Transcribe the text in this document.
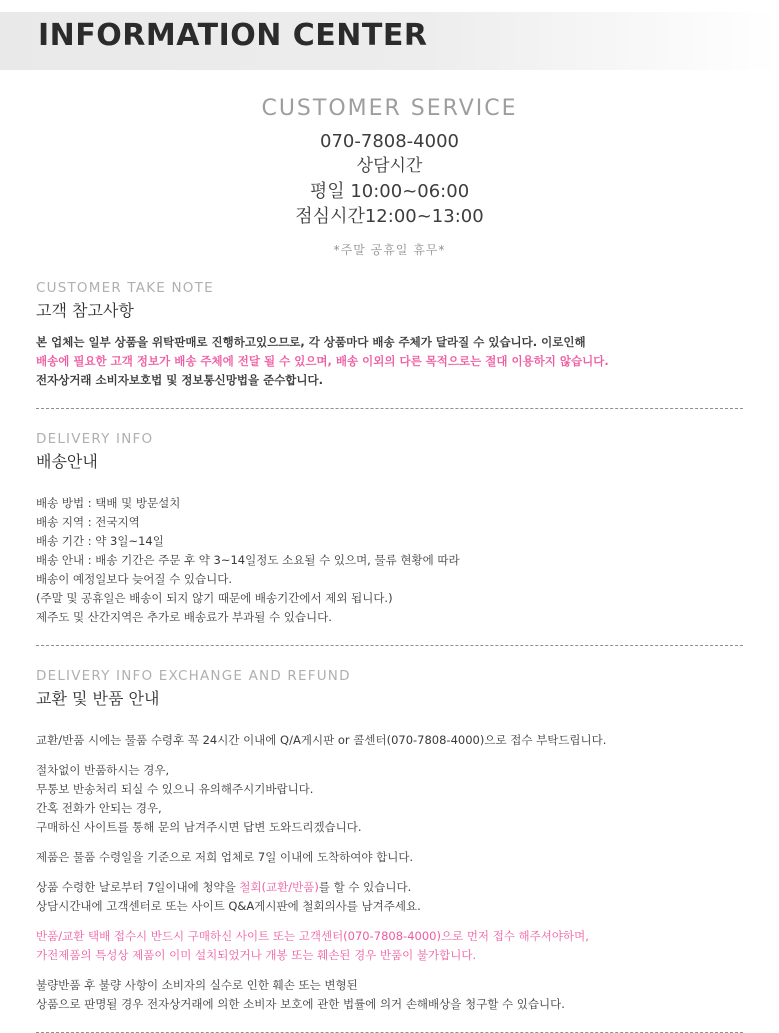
INFORMATION CENTER
CUSTOMER SERVICE
070-7808-4000
상담시간
평일 10:00~06:00
점심시간12:00~13:00
*주말 공휴일 휴무*
CUSTOMER TAKE NOTE
고객 참고사항
본 업체는 일부 상품을 위탁판매로 진행하고있으므로, 각 상품마다 배송 주체가 달라질 수 있습니다. 이로인해
배송에 필요한 고객 정보가 배송 주체에 전달 될 수 있으며, 배송 이외의 다른 목적으로는 절대 이용하지 않습니다.
전자상거래 소비자보호법 및 정보통신망법을 준수합니다.
DELIVERY INFO
배송안내
배송 방법 : 택배 및 방문설치
배송 지역 : 전국지역
배송 기간 : 약 3일~14일
배송 안내 : 배송 기간은 주문 후 약 3~14일정도 소요될 수 있으며, 물류 현황에 따라
배송이 예정일보다 늦어질 수 있습니다.
(주말 및 공휴일은 배송이 되지 않기 때문에 배송기간에서 제외 됩니다.)
제주도 및 산간지역은 추가로 배송료가 부과될 수 있습니다.
DELIVERY INFO EXCHANGE AND REFUND
교환 및 반품 안내
교환/반품 시에는 물품 수령후 꼭 24시간 이내에 Q/A게시판 or 콜센터(070-7808-4000)으로 접수 부탁드립니다.
절차없이 반품하시는 경우,
무통보 반송처리 되실 수 있으니 유의해주시기바랍니다.
간혹 전화가 안되는 경우,
구매하신 사이트를 통해 문의 남겨주시면 답변 도와드리겠습니다.
제품은 물품 수령일을 기준으로 저희 업체로 7일 이내에 도착하여야 합니다.
상품 수령한 날로부터 7일이내에 청약을 철회(교환/반품)를 할 수 있습니다.
상담시간내에 고객센터로 또는 사이트 Q&A게시판에 철회의사를 남겨주세요.
반품/교환 택배 접수시 반드시 구매하신 사이트 또는 고객센터(070-7808-4000)으로 먼저 접수 해주셔야하며,
가전제품의 특성상 제품이 이미 설치되었거나 개봉 또는 훼손된 경우 반품이 불가합니다.
불량반품 후 불량 사항이 소비자의 실수로 인한 훼손 또는 변형된
상품으로 판명될 경우 전자상거래에 의한 소비자 보호에 관한 법률에 의거 손해배상을 청구할 수 있습니다.
